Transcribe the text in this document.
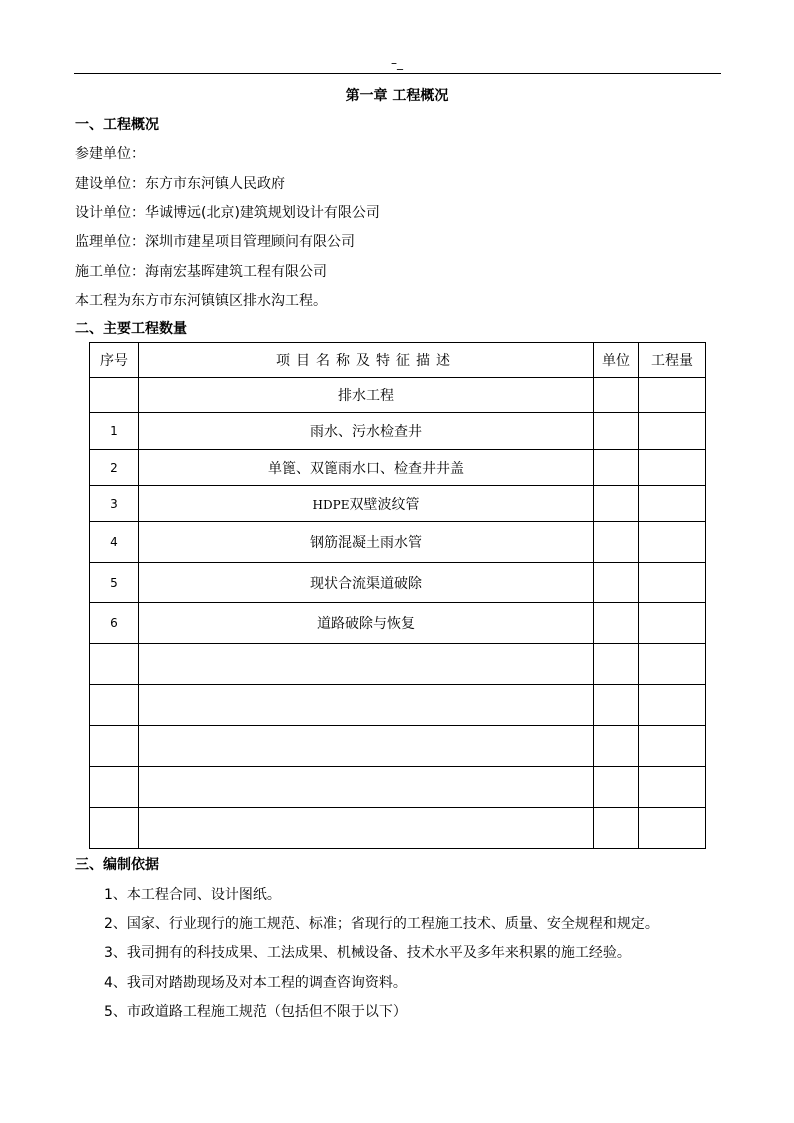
–_
第一章 工程概况
一、工程概况
参建单位：
建设单位：东方市东河镇人民政府
设计单位：华诚博远(北京)建筑规划设计有限公司
监理单位：深圳市建星项目管理顾问有限公司
施工单位：海南宏基晖建筑工程有限公司
本工程为东方市东河镇镇区排水沟工程。
二、主要工程数量
序号	项目名称及特征描述	单位	工程量
	排水工程		
1	雨水、污水检查井		
2	单篦、双篦雨水口、检查井井盖		
3	HDPE双壁波纹管		
4	钢筋混凝土雨水管		
5	现状合流渠道破除		
6	道路破除与恢复		

三、编制依据
1、本工程合同、设计图纸。
2、国家、行业现行的施工规范、标准；省现行的工程施工技术、质量、安全规程和规定。
3、我司拥有的科技成果、工法成果、机械设备、技术水平及多年来积累的施工经验。
4、我司对踏勘现场及对本工程的调查咨询资料。
5、市政道路工程施工规范（包括但不限于以下）
